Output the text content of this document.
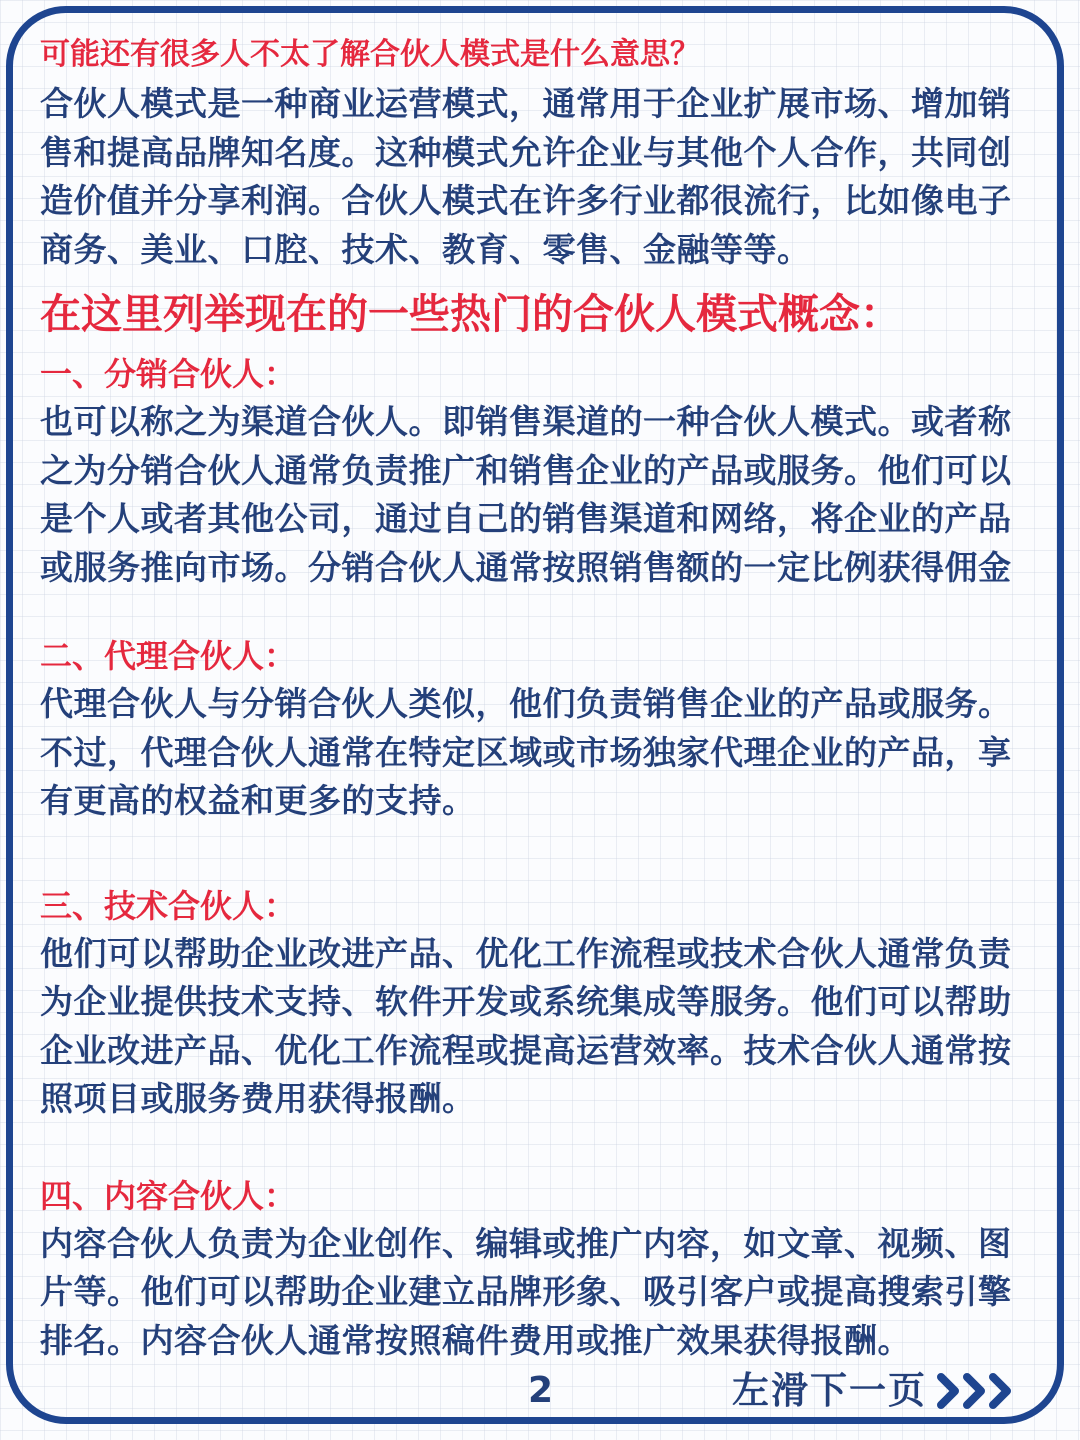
可能还有很多人不太了解合伙人模式是什么意思？

合伙人模式是一种商业运营模式，通常用于企业扩展市场、增加销

售和提高品牌知名度。这种模式允许企业与其他个人合作，共同创

造价值并分享利润。合伙人模式在许多行业都很流行，比如像电子

商务、美业、口腔、技术、教育、零售、金融等等。

在这里列举现在的一些热门的合伙人模式概念：
一、分销合伙人：

也可以称之为渠道合伙人。即销售渠道的一种合伙人模式。或者称

之为分销合伙人通常负责推广和销售企业的产品或服务。他们可以

是个人或者其他公司，通过自己的销售渠道和网络，将企业的产品

或服务推向市场。分销合伙人通常按照销售额的一定比例获得佣金

二、代理合伙人：

代理合伙人与分销合伙人类似，他们负责销售企业的产品或服务。

不过，代理合伙人通常在特定区域或市场独家代理企业的产品，享

有更高的权益和更多的支持。

三、技术合伙人：

他们可以帮助企业改进产品、优化工作流程或技术合伙人通常负责

为企业提供技术支持、软件开发或系统集成等服务。他们可以帮助

企业改进产品、优化工作流程或提高运营效率。技术合伙人通常按

照项目或服务费用获得报酬。

四、内容合伙人：

内容合伙人负责为企业创作、编辑或推广内容，如文章、视频、图

片等。他们可以帮助企业建立品牌形象、吸引客户或提高搜索引擎

排名。内容合伙人通常按照稿件费用或推广效果获得报酬。

2	左滑下一页
